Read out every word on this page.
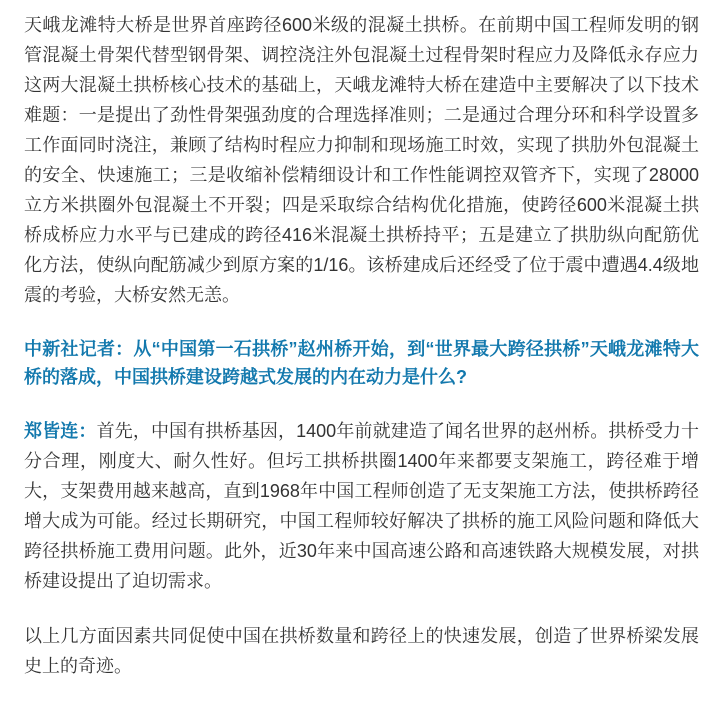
天峨龙滩特大桥是世界首座跨径600米级的混凝土拱桥。在前期中国工程师发明的钢管混凝土骨架代替型钢骨架、调控浇注外包混凝土过程骨架时程应力及降低永存应力这两大混凝土拱桥核心技术的基础上，天峨龙滩特大桥在建造中主要解决了以下技术难题：一是提出了劲性骨架强劲度的合理选择准则；二是通过合理分环和科学设置多工作面同时浇注，兼顾了结构时程应力抑制和现场施工时效，实现了拱肋外包混凝土的安全、快速施工；三是收缩补偿精细设计和工作性能调控双管齐下，实现了28000立方米拱圈外包混凝土不开裂；四是采取综合结构优化措施，使跨径600米混凝土拱桥成桥应力水平与已建成的跨径416米混凝土拱桥持平；五是建立了拱肋纵向配筋优化方法，使纵向配筋减少到原方案的1/16。该桥建成后还经受了位于震中遭遇4.4级地震的考验，大桥安然无恙。

中新社记者：从“中国第一石拱桥”赵州桥开始，到“世界最大跨径拱桥”天峨龙滩特大桥的落成，中国拱桥建设跨越式发展的内在动力是什么?

郑皆连：首先，中国有拱桥基因，1400年前就建造了闻名世界的赵州桥。拱桥受力十分合理，刚度大、耐久性好。但圬工拱桥拱圈1400年来都要支架施工，跨径难于增大，支架费用越来越高，直到1968年中国工程师创造了无支架施工方法，使拱桥跨径增大成为可能。经过长期研究，中国工程师较好解决了拱桥的施工风险问题和降低大跨径拱桥施工费用问题。此外，近30年来中国高速公路和高速铁路大规模发展，对拱桥建设提出了迫切需求。

以上几方面因素共同促使中国在拱桥数量和跨径上的快速发展，创造了世界桥梁发展史上的奇迹。
